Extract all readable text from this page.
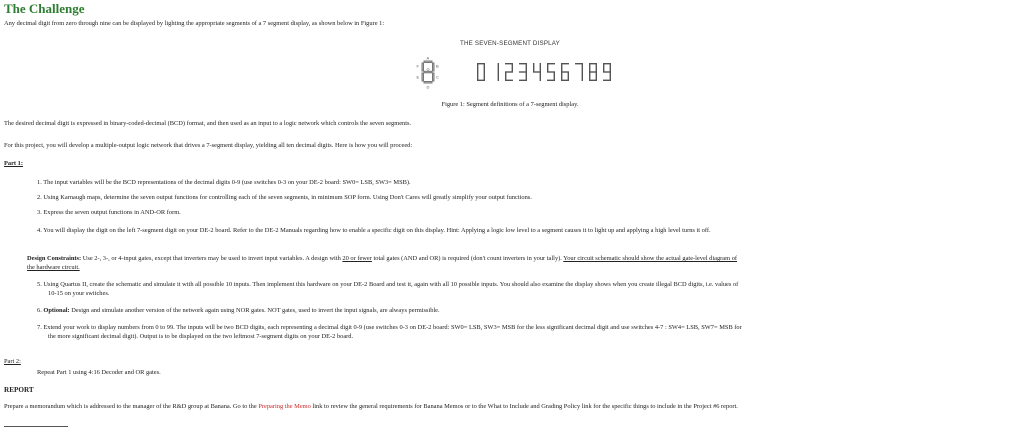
The Challenge
Any decimal digit from zero through nine can be displayed by lighting the appropriate segments of a 7 segment display, as shown below in Figure 1:
THE SEVEN-SEGMENT DISPLAY
A
B
C
D
E
F
G
Figure 1: Segment definitions of a 7-segment display.
The desired decimal digit is expressed in binary-coded-decimal (BCD) format, and then used as an input to a logic network which controls the seven segments.
For this project, you will develop a multiple-output logic network that drives a 7-segment display, yielding all ten decimal digits. Here is how you will proceed:
Part 1:
1. The input variables will be the BCD representations of the decimal digits 0-9 (use switches 0-3 on your DE-2 board: SW0= LSB, SW3= MSB).
2. Using Karnaugh maps, determine the seven output functions for controlling each of the seven segments, in minimum SOP form. Using Don't Cares will greatly simplify your output functions.
3. Express the seven output functions in AND-OR form.
4. You will display the digit on the left 7-segment digit on your DE-2 board. Refer to the DE-2 Manuals regarding how to enable a specific digit on this display. Hint: Applying a logic low level to a segment causes it to light up and applying a high level turns it off.
Design Constraints: Use 2-, 3-, or 4-input gates, except that inverters may be used to invert input variables. A design with 20 or fewer total gates (AND and OR) is required (don't count inverters in your tally). Your circuit schematic should show the actual gate-level diagram of
the hardware circuit.
5. Using Quartus II, create the schematic and simulate it with all possible 10 inputs. Then implement this hardware on your DE-2 Board and test it, again with all 10 possible inputs. You should also examine the display shows when you create illegal BCD digits, i.e. values of
10-15 on your switches.
6. Optional: Design and simulate another version of the network again using NOR gates. NOT gates, used to invert the input signals, are always permissible.
7. Extend your work to display numbers from 0 to 99. The inputs will be two BCD digits, each representing a decimal digit 0-9 (use switches 0-3 on DE-2 board: SW0= LSB, SW3= MSB for the less significant decimal digit and use switches 4-7 : SW4= LSB, SW7= MSB for
the more significant decimal digit). Output is to be displayed on the two leftmost 7-segment digits on your DE-2 board.
Part 2:
Repeat Part 1 using 4:16 Decoder and OR gates.
REPORT
Prepare a memorandum which is addressed to the manager of the R&D group at Banana. Go to the Preparing the Memo link to review the general requirements for Banana Memos or to the What to Include and Grading Policy link for the specific things to include in the Project #6 report.
